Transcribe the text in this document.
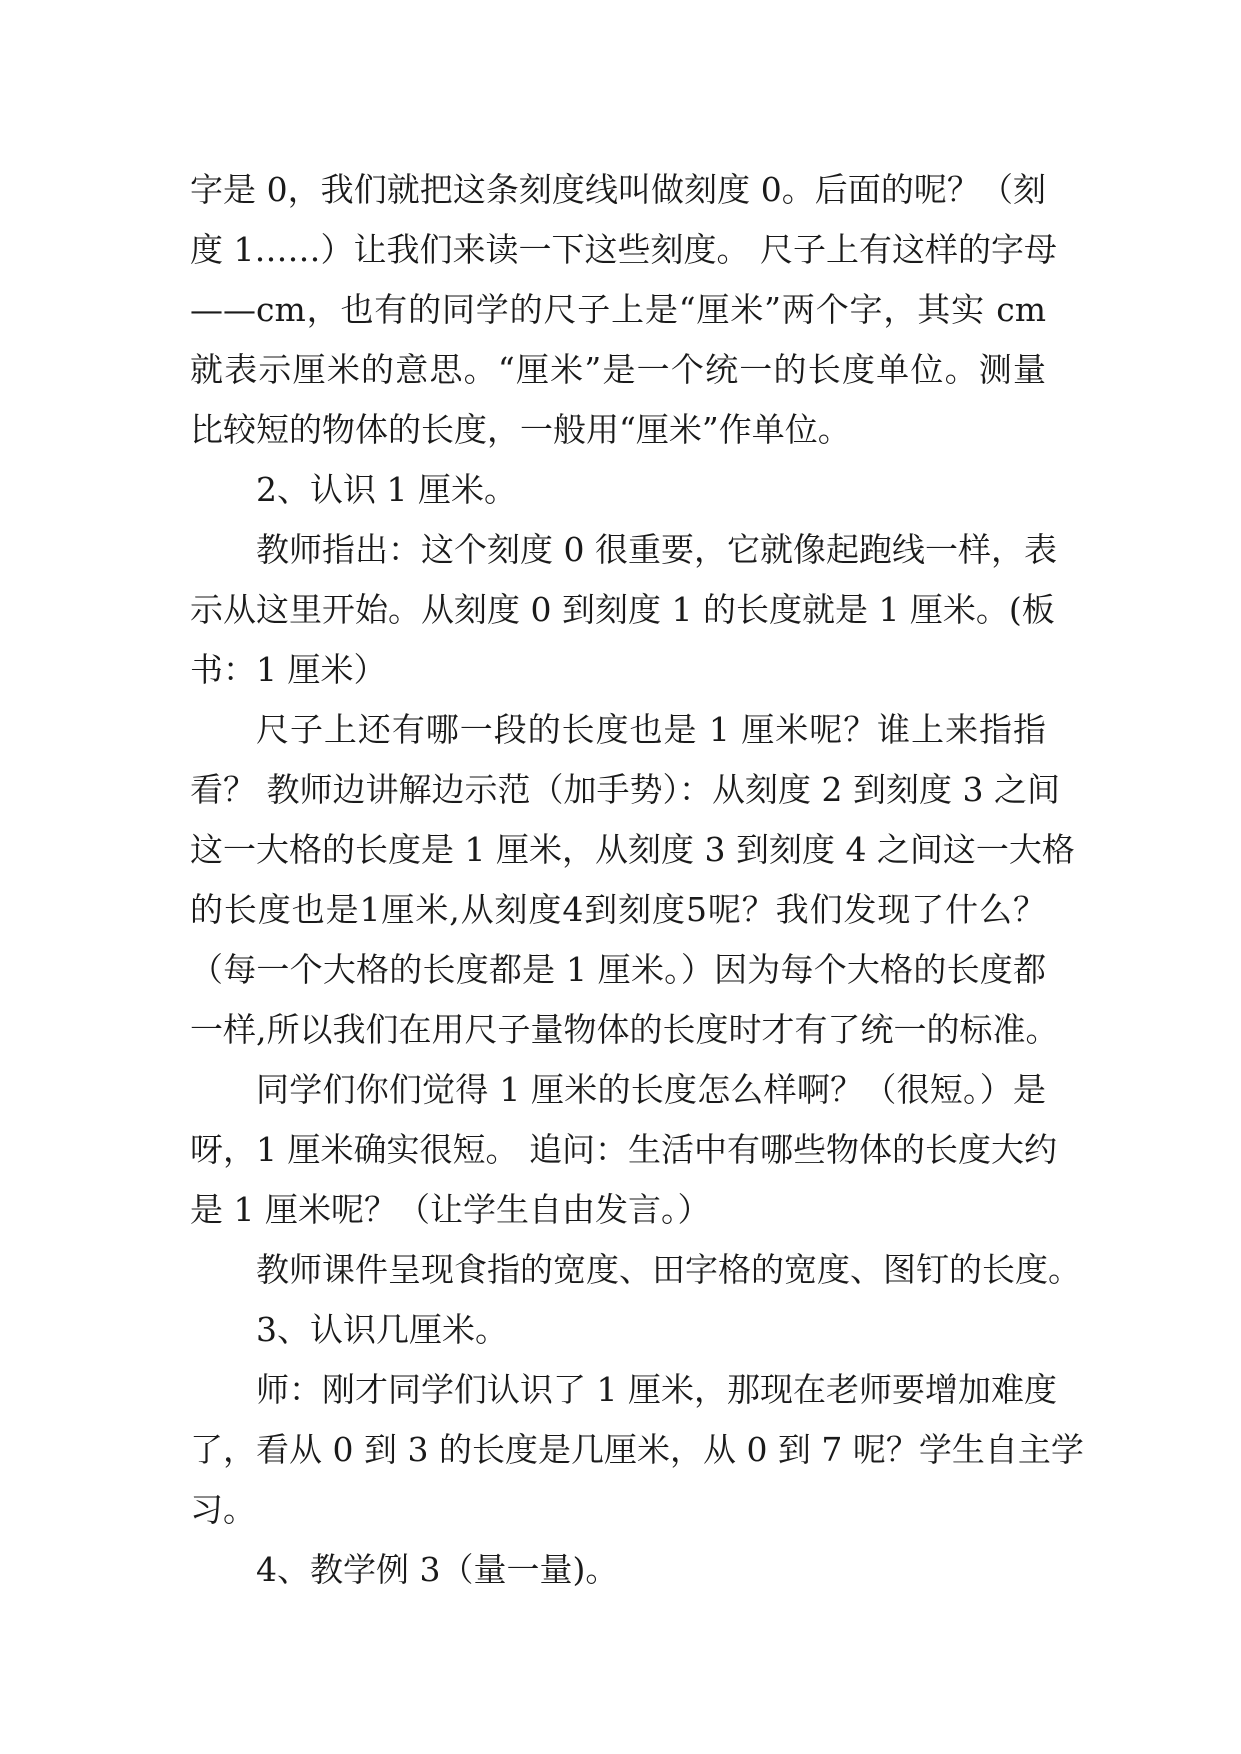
字是 0，我们就把这条刻度线叫做刻度 0。后面的呢？（刻
度 1……）让我们来读一下这些刻度。 尺子上有这样的字母
——cm，也有的同学的尺子上是“厘米”两个字，其实 cm
就表示厘米的意思。“厘米”是一个统一的长度单位。测量
比较短的物体的长度，一般用“厘米”作单位。
2、认识 1 厘米。
教师指出：这个刻度 0 很重要，它就像起跑线一样，表
示从这里开始。从刻度 0 到刻度 1 的长度就是 1 厘米。(板
书：1 厘米）
尺子上还有哪一段的长度也是 1 厘米呢？谁上来指指
看？ 教师边讲解边示范（加手势）：从刻度 2 到刻度 3 之间
这一大格的长度是 1 厘米，从刻度 3 到刻度 4 之间这一大格
的长度也是1厘米,从刻度4到刻度5呢？我们发现了什么？
（每一个大格的长度都是 1 厘米。）因为每个大格的长度都
一样,所以我们在用尺子量物体的长度时才有了统一的标准。
同学们你们觉得 1 厘米的长度怎么样啊？（很短。）是
呀，1 厘米确实很短。 追问：生活中有哪些物体的长度大约
是 1 厘米呢？（让学生自由发言。）
教师课件呈现食指的宽度、田字格的宽度、图钉的长度。
3、认识几厘米。
师：刚才同学们认识了 1 厘米，那现在老师要增加难度
了，看从 0 到 3 的长度是几厘米，从 0 到 7 呢？学生自主学
习。
4、教学例 3（量一量)。
